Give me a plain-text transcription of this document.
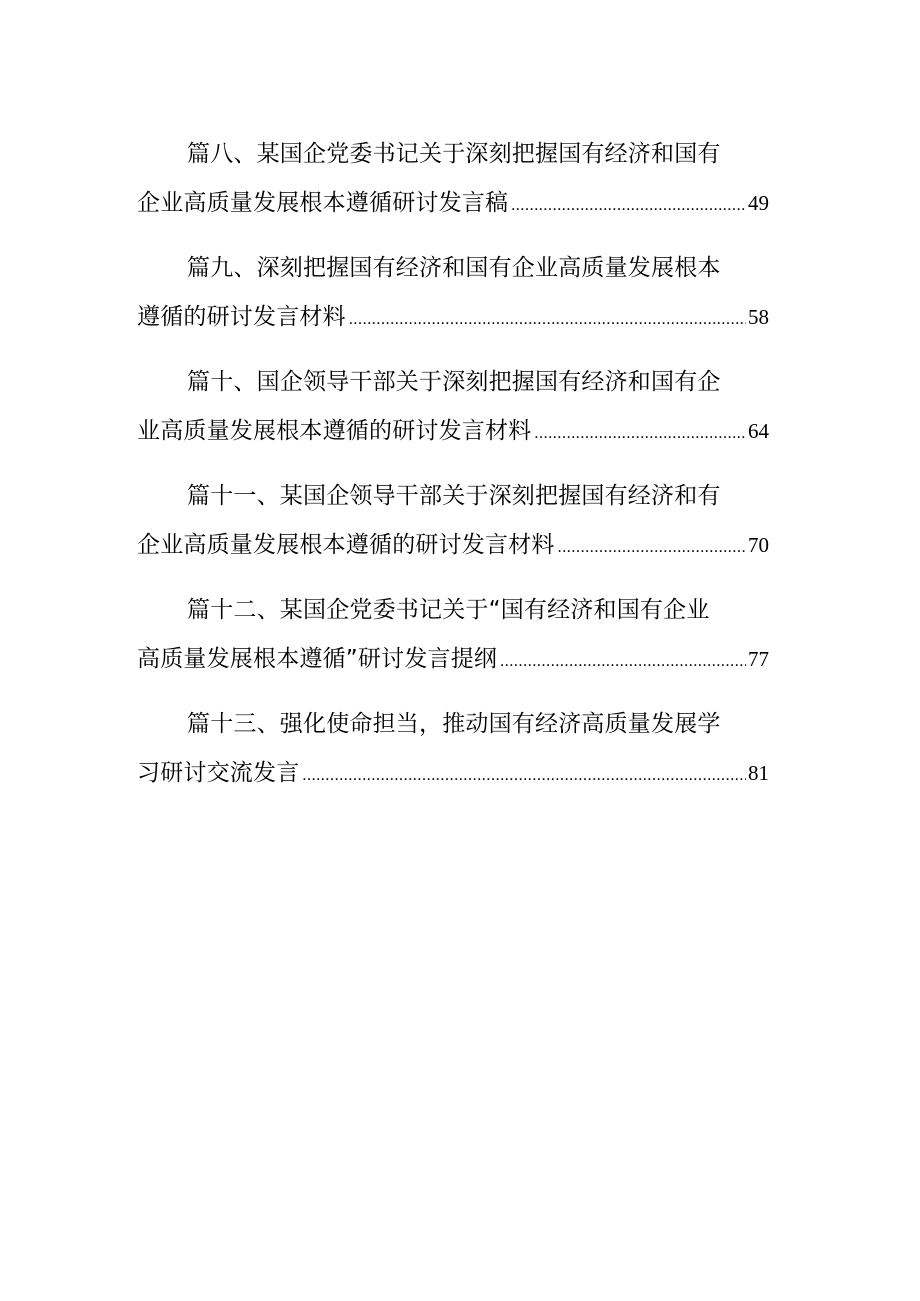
篇八、某国企党委书记关于深刻把握国有经济和国有
企业高质量发展根本遵循研讨发言稿 .....	49
篇九、深刻把握国有经济和国有企业高质量发展根本
遵循的研讨发言材料 .....	58
篇十、国企领导干部关于深刻把握国有经济和国有企
业高质量发展根本遵循的研讨发言材料 .....	64
篇十一、某国企领导干部关于深刻把握国有经济和有
企业高质量发展根本遵循的研讨发言材料 .....	70
篇十二、某国企党委书记关于“国有经济和国有企业
高质量发展根本遵循”研讨发言提纲 .....	77
篇十三、强化使命担当，推动国有经济高质量发展学
习研讨交流发言 .....	81
